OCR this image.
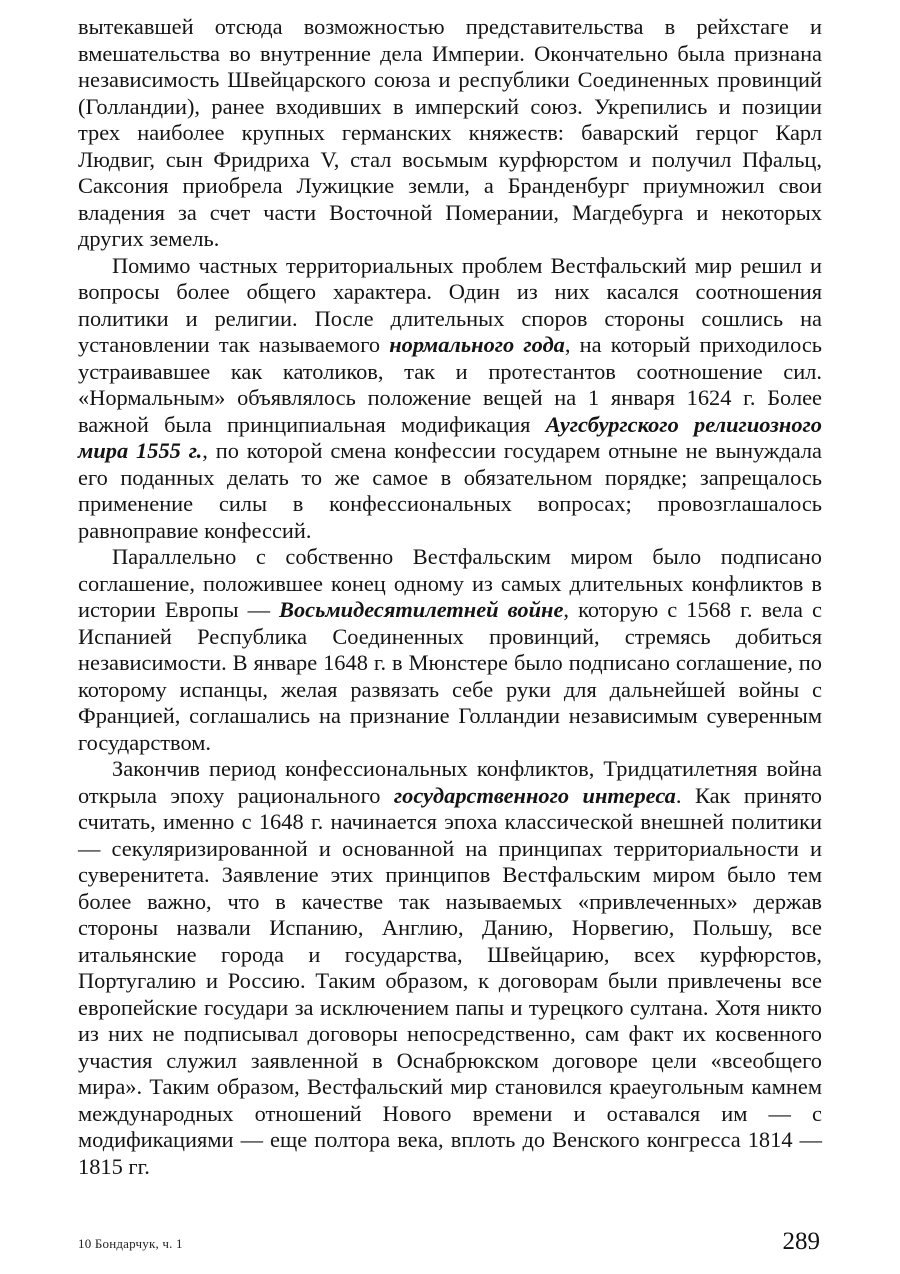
вытекавшей отсюда возможностью представительства в рейхстаге и вмешательства во внутренние дела Империи. Окончательно была признана независимость Швейцарского союза и республики Соединенных провинций (Голландии), ранее входивших в имперский союз. Укрепились и позиции трех наиболее крупных германских княжеств: баварский герцог Карл Людвиг, сын Фридриха V, стал восьмым курфюрстом и получил Пфальц, Саксония приобрела Лужицкие земли, а Бранденбург приумножил свои владения за счет части Восточной Померании, Магдебурга и некоторых других земель.

Помимо частных территориальных проблем Вестфальский мир решил и вопросы более общего характера. Один из них касался соотношения политики и религии. После длительных споров стороны сошлись на установлении так называемого нормального года, на который приходилось устраивавшее как католиков, так и протестантов соотношение сил. «Нормальным» объявлялось положение вещей на 1 января 1624 г. Более важной была принципиальная модификация Аугсбургского религиозного мира 1555 г., по которой смена конфессии государем отныне не вынуждала его поданных делать то же самое в обязательном порядке; запрещалось применение силы в конфессиональных вопросах; провозглашалось равноправие конфессий.

Параллельно с собственно Вестфальским миром было подписано соглашение, положившее конец одному из самых длительных конфликтов в истории Европы — Восьмидесятилетней войне, которую с 1568 г. вела с Испанией Республика Соединенных провинций, стремясь добиться независимости. В январе 1648 г. в Мюнстере было подписано соглашение, по которому испанцы, желая развязать себе руки для дальнейшей войны с Францией, соглашались на признание Голландии независимым суверенным государством.

Закончив период конфессиональных конфликтов, Тридцатилетняя война открыла эпоху рационального государственного интереса. Как принято считать, именно с 1648 г. начинается эпоха классической внешней политики — секуляризированной и основанной на принципах территориальности и суверенитета. Заявление этих принципов Вестфальским миром было тем более важно, что в качестве так называемых «привлеченных» держав стороны назвали Испанию, Англию, Данию, Норвегию, Польшу, все итальянские города и государства, Швейцарию, всех курфюрстов, Португалию и Россию. Таким образом, к договорам были привлечены все европейские государи за исключением папы и турецкого султана. Хотя никто из них не подписывал договоры непосредственно, сам факт их косвенного участия служил заявленной в Оснабрюкском договоре цели «всеобщего мира». Таким образом, Вестфальский мир становился краеугольным камнем международных отношений Нового времени и оставался им — с модификациями — еще полтора века, вплоть до Венского конгресса 1814 — 1815 гг.

10 Бондарчук, ч. 1	289
